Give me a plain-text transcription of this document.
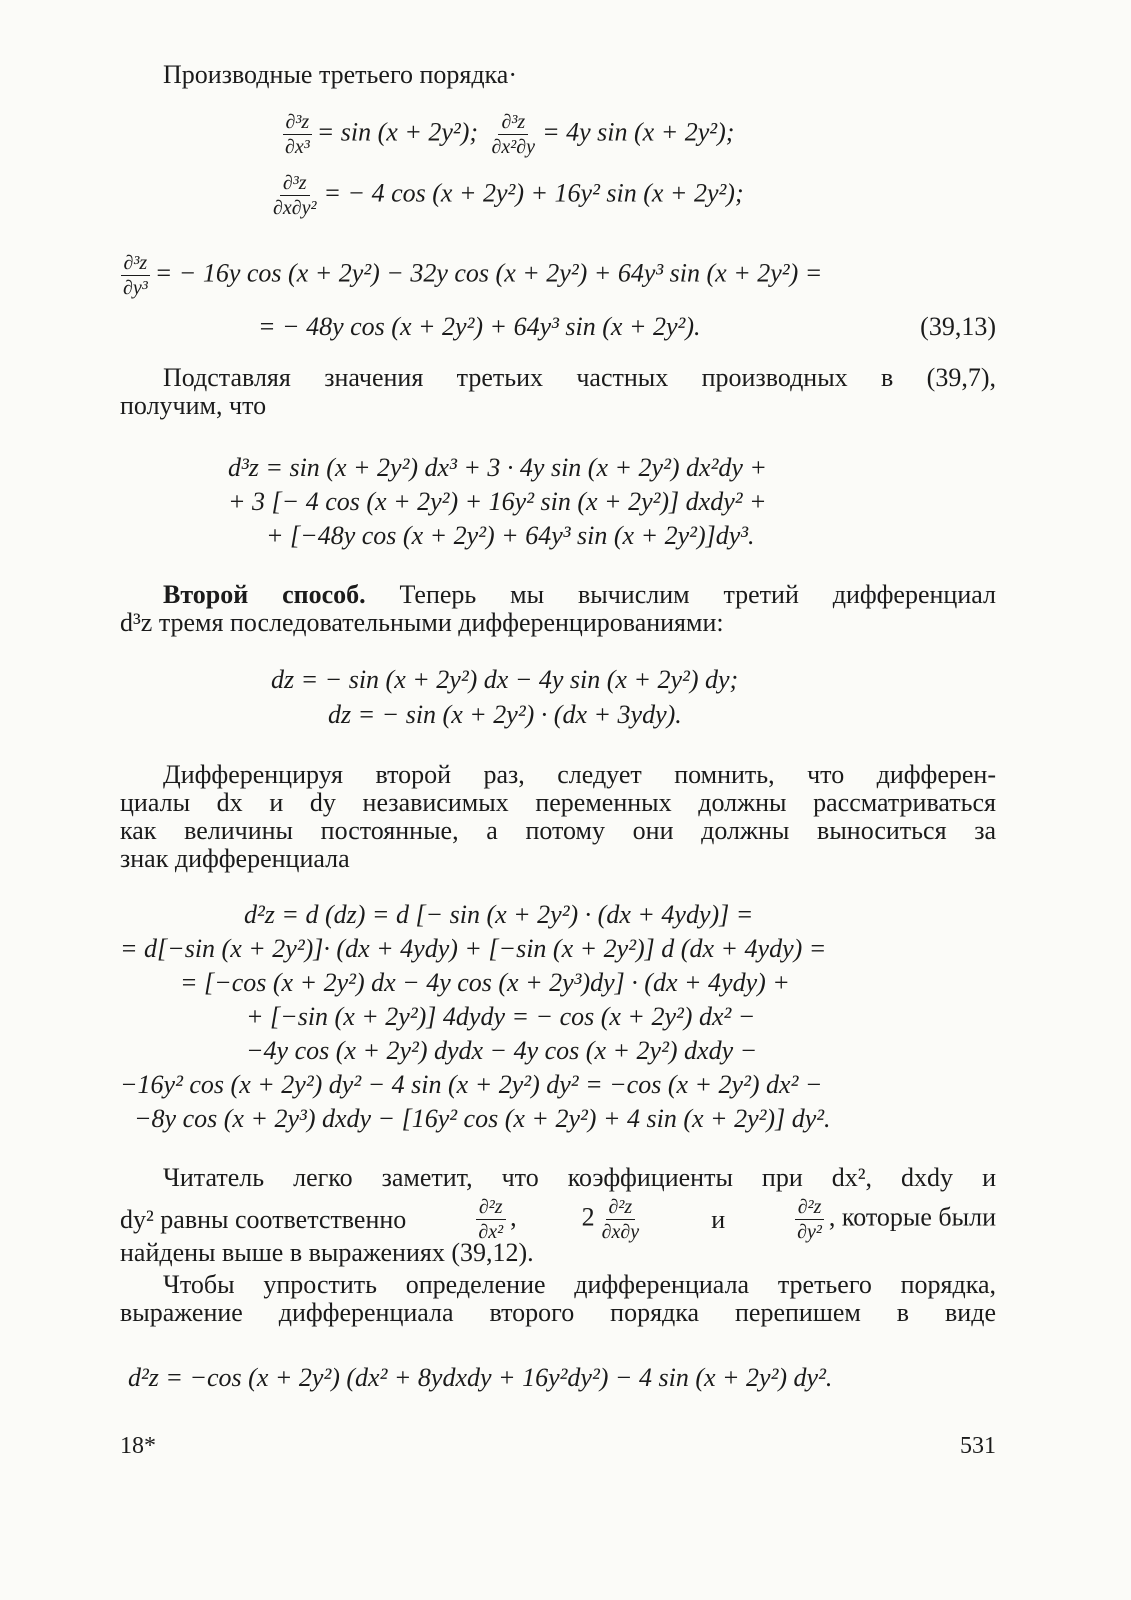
Производные третьего порядка·
$\frac{\text{∂³z}}{\text{∂x³}} = \sin (x + 2y^2)$; $\frac{\text{∂³z}}{\text{∂x²∂y}} = 4y$ sin (x + 2y²);
$\frac{\text{∂³z}}{\text{∂x∂y²}}$ = − 4 cos (x + 2y²) + 16y² sin (x + 2y²);
$\frac{\text{∂³z}}{\text{∂y³}}$ = − 16y cos (x + 2y²) − 32y cos (x + 2y²) + 64y³ sin (x + 2y²) =
= − 48y cos (x + 2y²) + 64y³ sin (x + 2y²).	(39,13)
Подставляя значения третьих частных производных в (39,7),
получим, что
d³z = sin (x + 2y²) dx³ + 3 · 4y sin (x + 2y²) dx²dy +
+ 3 [− 4 cos (x + 2y²) + 16y² sin (x + 2y²)] dxdy² +
+ [−48y cos (x + 2y²) + 64y³ sin (x + 2y²)]dy³.
Второй способ. Теперь мы вычислим третий дифференциал
d³z тремя последовательными дифференцированиями:
dz = − sin (x + 2y²) dx − 4y sin (x + 2y²) dy;
dz = − sin (x + 2y²) · (dx + 3ydy).
Дифференцируя второй раз, следует помнить, что дифферен-
циалы dx и dy независимых переменных должны рассматриваться
как величины постоянные, а потому они должны выноситься за
знак дифференциала
d²z = d (dz) = d [− sin (x + 2y²) · (dx + 4ydy)] =
= d[−sin (x + 2y²)]· (dx + 4ydy) + [−sin (x + 2y²)] d (dx + 4ydy) =
= [−cos (x + 2y²) dx − 4y cos (x + 2y³)dy] · (dx + 4ydy) +
+ [−sin (x + 2y²)] 4dydy = − cos (x + 2y²) dx² −
−4y cos (x + 2y²) dydx − 4y cos (x + 2y²) dxdy −
−16y² cos (x + 2y²) dy² − 4 sin (x + 2y²) dy² = −cos (x + 2y²) dx² −
−8y cos (x + 2y³) dxdy − [16y² cos (x + 2y²) + 4 sin (x + 2y²)] dy².
Читатель легко заметит, что коэффициенты при dx², dxdy и
dy² равны соответственно	$\frac{\text{∂²z}}{\text{∂x²}}$ ,	$2 \frac{\text{∂²z}}{\partial x\partial y}$	и	$\frac{\text{∂²z}}{\text{∂y²}}$ , которые были
найдены выше в выражениях (39,12).
Чтобы упростить определение дифференциала третьего порядка,
выражение дифференциала второго порядка перепишем в виде
d²z = −cos (x + 2y²) (dx² + 8ydxdy + 16y²dy²) − 4 sin (x + 2y²) dy².
18*	531
